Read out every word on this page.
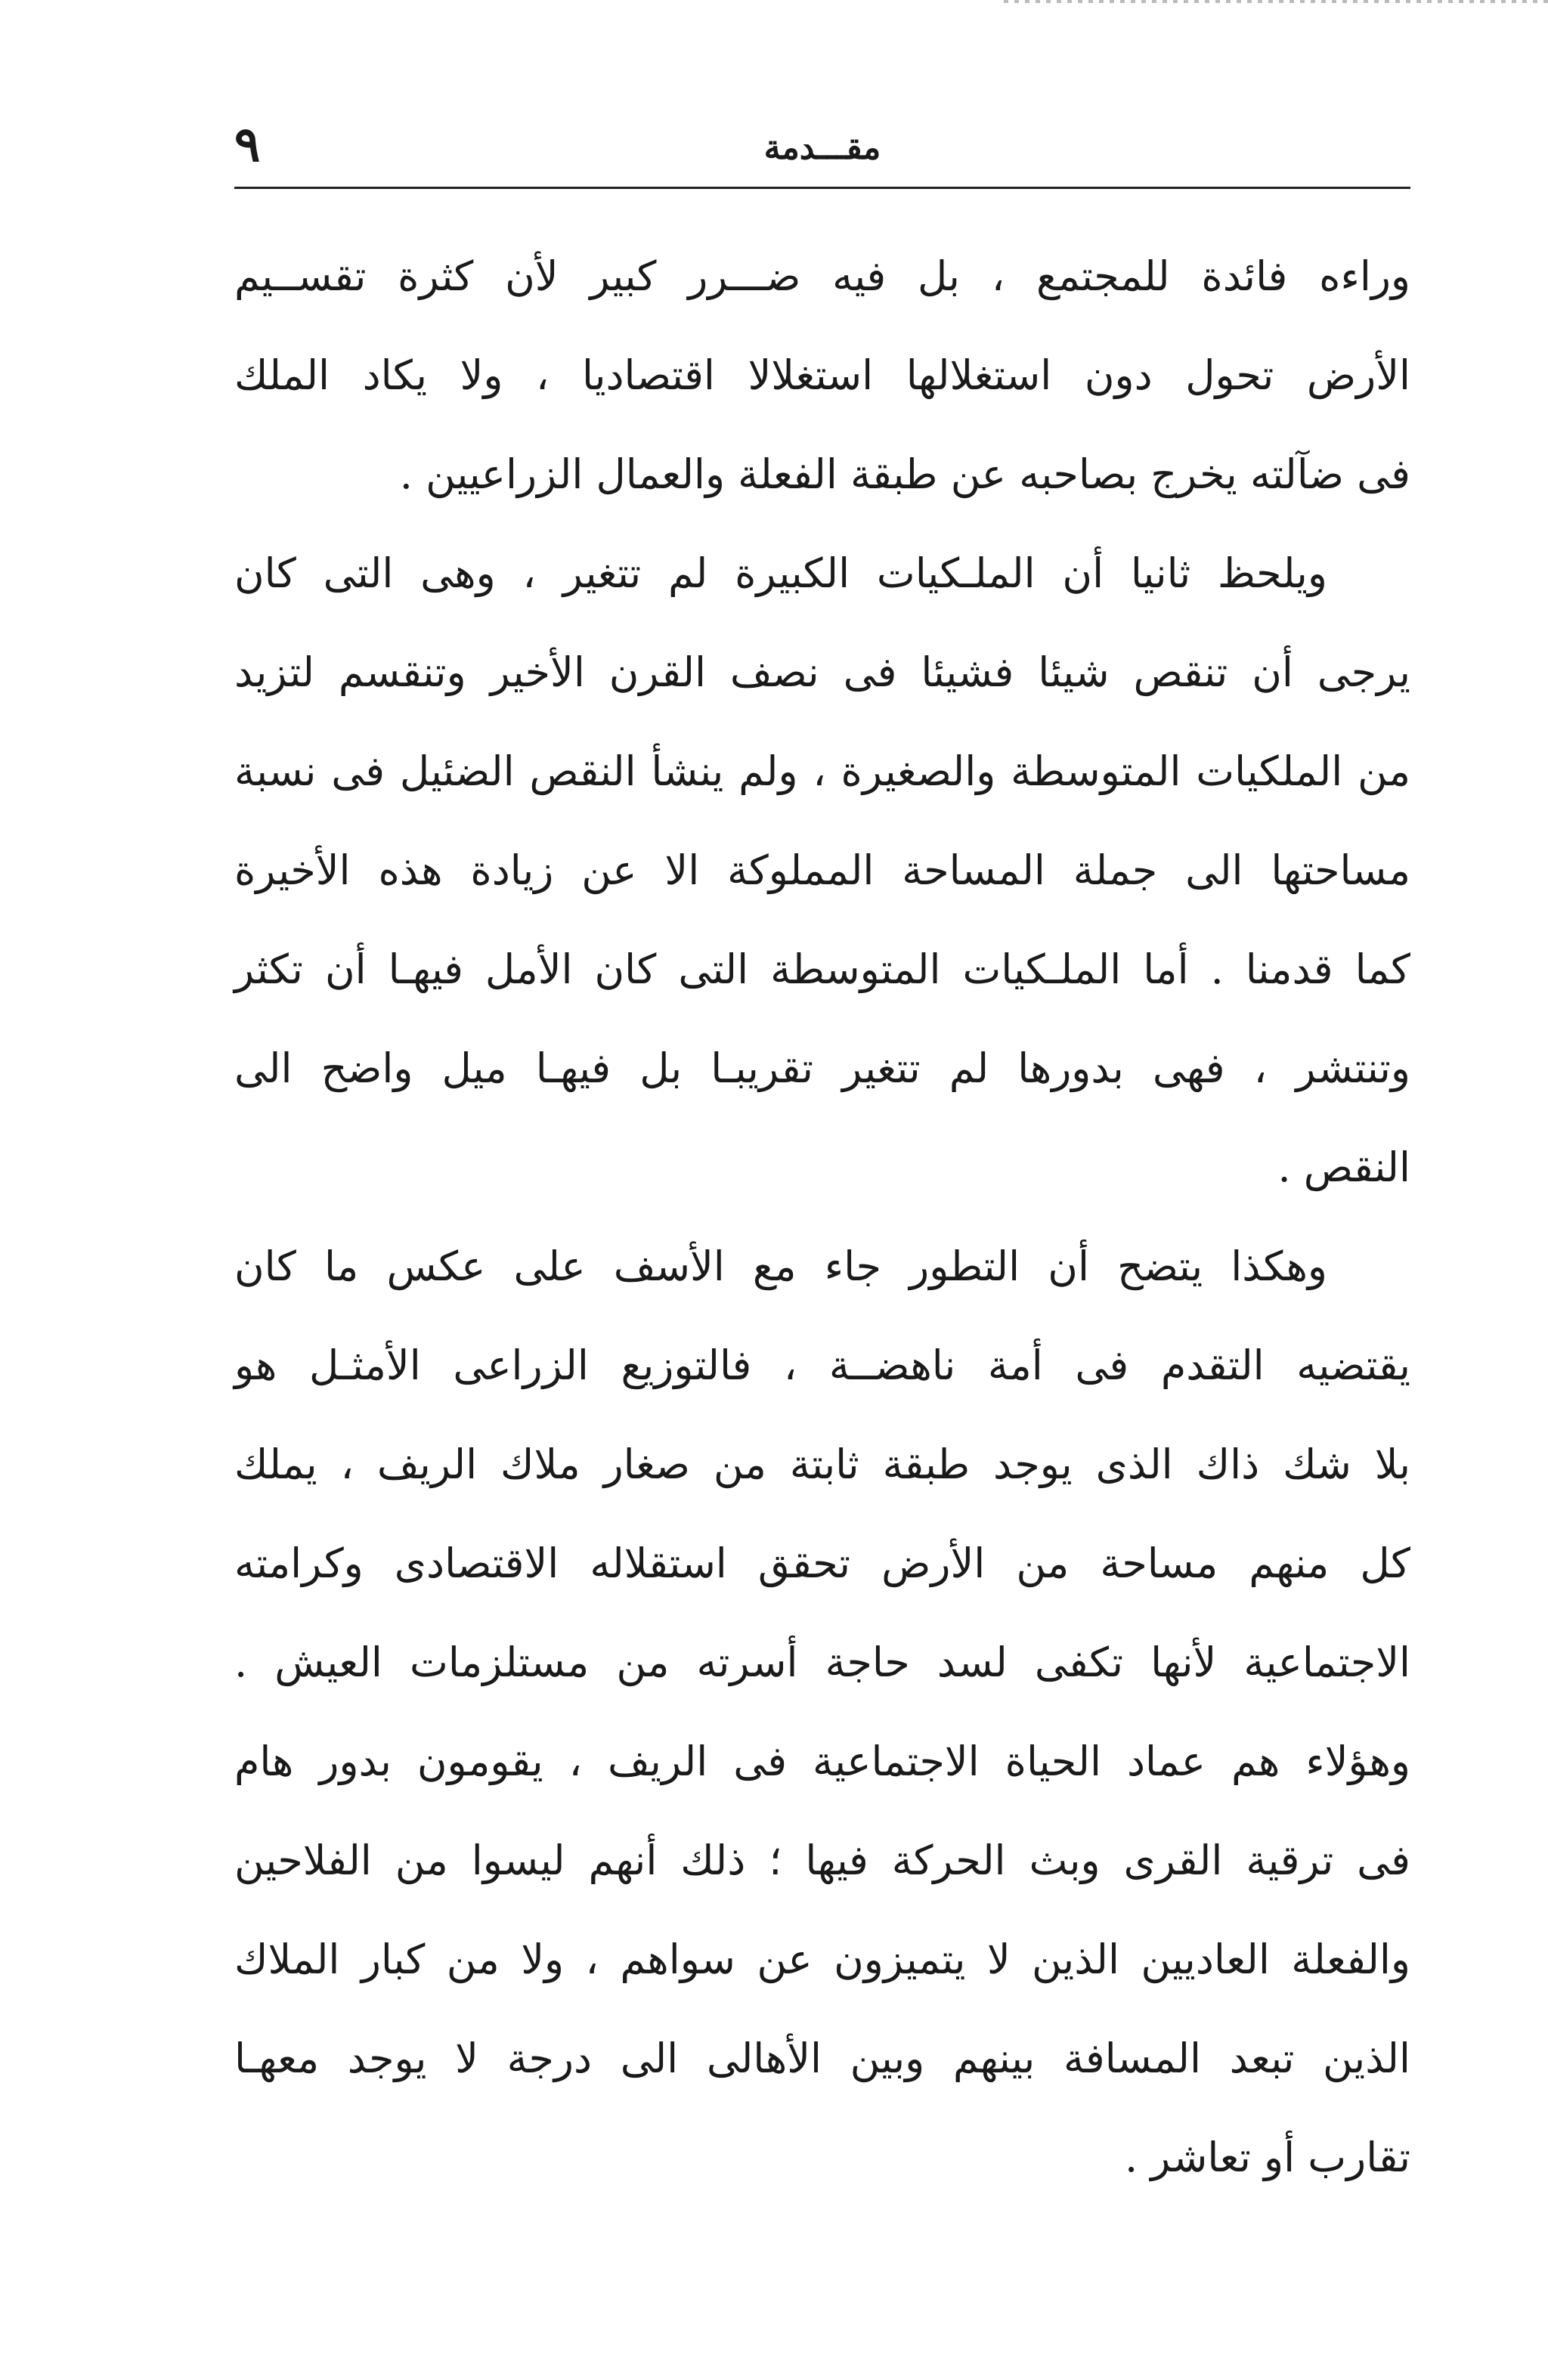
٩	مقـــدمة
وراءه فائدة للمجتمع ، بل فيه ضـــرر كبير لأن كثرة تقســيم
الأرض تحول دون استغلالها استغلالا اقتصاديا ، ولا يكاد الملك
فى ضآلته يخرج بصاحبه عن طبقة الفعلة والعمال الزراعيين .
ويلحظ ثانيا أن الملـكيات الكبيرة لم تتغير ، وهى التى كان
يرجى أن تنقص شيئا فشيئا فى نصف القرن الأخير وتنقسم لتزيد
من الملكيات المتوسطة والصغيرة ، ولم ينشأ النقص الضئيل فى نسبة
مساحتها الى جملة المساحة المملوكة الا عن زيادة هذه الأخيرة
كما قدمنا . أما الملـكيات المتوسطة التى كان الأمل فيهـا أن تكثر
وتنتشر ، فهى بدورها لم تتغير تقريبـا بل فيهـا ميل واضح الى
النقص .
وهكذا يتضح أن التطور جاء مع الأسف على عكس ما كان
يقتضيه التقدم فى أمة ناهضــة ، فالتوزيع الزراعى الأمثـل هو
بلا شك ذاك الذى يوجد طبقة ثابتة من صغار ملاك الريف ، يملك
كل منهم مساحة من الأرض تحقق استقلاله الاقتصادى وكرامته
الاجتماعية لأنها تكفى لسد حاجة أسرته من مستلزمات العيش .
وهؤلاء هم عماد الحياة الاجتماعية فى الريف ، يقومون بدور هام
فى ترقية القرى وبث الحركة فيها ؛ ذلك أنهم ليسوا من الفلاحين
والفعلة العاديين الذين لا يتميزون عن سواهم ، ولا من كبار الملاك
الذين تبعد المسافة بينهم وبين الأهالى الى درجة لا يوجد معهـا
تقارب أو تعاشر .
